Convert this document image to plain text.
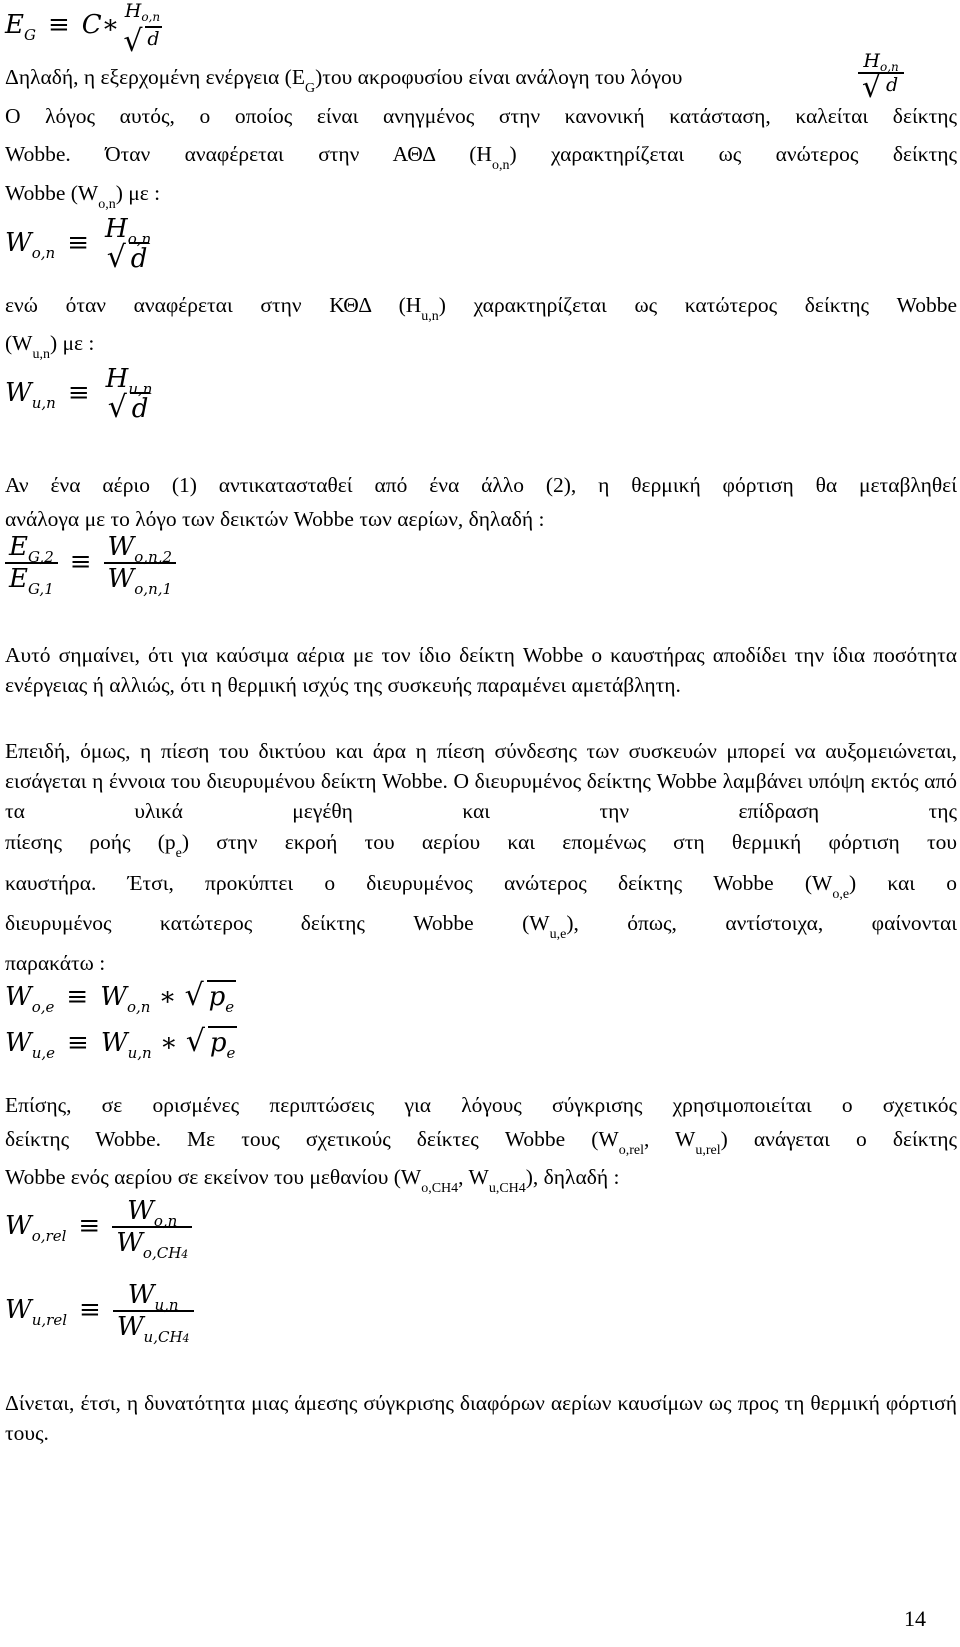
$E_G$ ≡ C∗ $H_{o,n}$
√ d
Δηλαδή, η εξερχομένη ενέργεια $(E_G)\tau o\upsilon$ ακροφυσίου είναι ανάλογη του λόγου	$H_{o,n}$
√ d
Ο λόγος αυτός, ο οποίος είναι ανηγμένος στην κανονική κατάσταση, καλείται δείκτης
Wobbe. Όταν αναφέρεται στην ΑΘΔ $(H_{o,n})$ χαρακτηρίζεται ως ανώτερος δείκτης
Wobbe $(W_{o,n})$ με :
$W_{o,n} \equiv H_{o,n}$
√ d
ενώ όταν αναφέρεται στην ΚΘΔ $(H_{u,n})$ χαρακτηρίζεται ως κατώτερος δείκτης Wobbe
$(W_{u,n})$ με :
$W_{u,n} \equiv H_{u,n}$
√ d
Αν ένα αέριο (1) αντικατασταθεί από ένα άλλο (2), η θερμική φόρτιση θα μεταβληθεί
ανάλογα με το λόγο των δεικτών Wobbe των αερίων, δηλαδή :
$\frac{E_{G,2}}{E_{G,1}} \equiv \frac{W_{o,n,2}}{W_{o,n,1}}$
Αυτό σημαίνει, ότι για καύσιμα αέρια με τον ίδιο δείκτη Wobbe ο καυστήρας αποδίδει την ίδια ποσότητα ενέργειας ή αλλιώς, ότι η θερμική ισχύς της συσκευής παραμένει αμετάβλητη.
Επειδή, όμως, η πίεση του δικτύου και άρα η πίεση σύνδεσης των συσκευών μπορεί να αυξομειώνεται, εισάγεται η έννοια του διευρυμένου δείκτη Wobbe. Ο διευρυμένος δείκτης Wobbe λαμβάνει υπόψη εκτός από τα υλικά μεγέθη και την επίδραση της
πίεσης ροής $(p_e)$ στην εκροή του αερίου και επομένως στη θερμική φόρτιση του
καυστήρα. Έτσι, προκύπτει ο διευρυμένος ανώτερος δείκτης Wobbe $(W_{o,e})$ και ο
διευρυμένος κατώτερος δείκτης Wobbe $(W_{u,e})$, όπως, αντίστοιχα, φαίνονται
παρακάτω :
$W_{o,e} \equiv W_{o,n}$ ∗ √ $p_e$
$W_{u,e} \equiv W_{u,n}$ ∗ √ $p_e$
Επίσης, σε ορισμένες περιπτώσεις για λόγους σύγκρισης χρησιμοποιείται ο σχετικός
δείκτης Wobbe. Με τους σχετικούς δείκτες Wobbe ($W_{o,rel}$, $W_{u,rel}$) ανάγεται ο δείκτης
Wobbe ενός αερίου σε εκείνον του μεθανίου ($W_{o,CH4}$, $W_{u,CH4}$), δηλαδή :
$W_{o,rel} \equiv \frac{W_{o,n}}{W_{o,CH4}}$
$W_{u,rel} \equiv \frac{W_{u,n}}{W_{u,CH4}}$
Δίνεται, έτσι, η δυνατότητα μιας άμεσης σύγκρισης διαφόρων αερίων καυσίμων ως προς τη θερμική φόρτισή τους.
14
